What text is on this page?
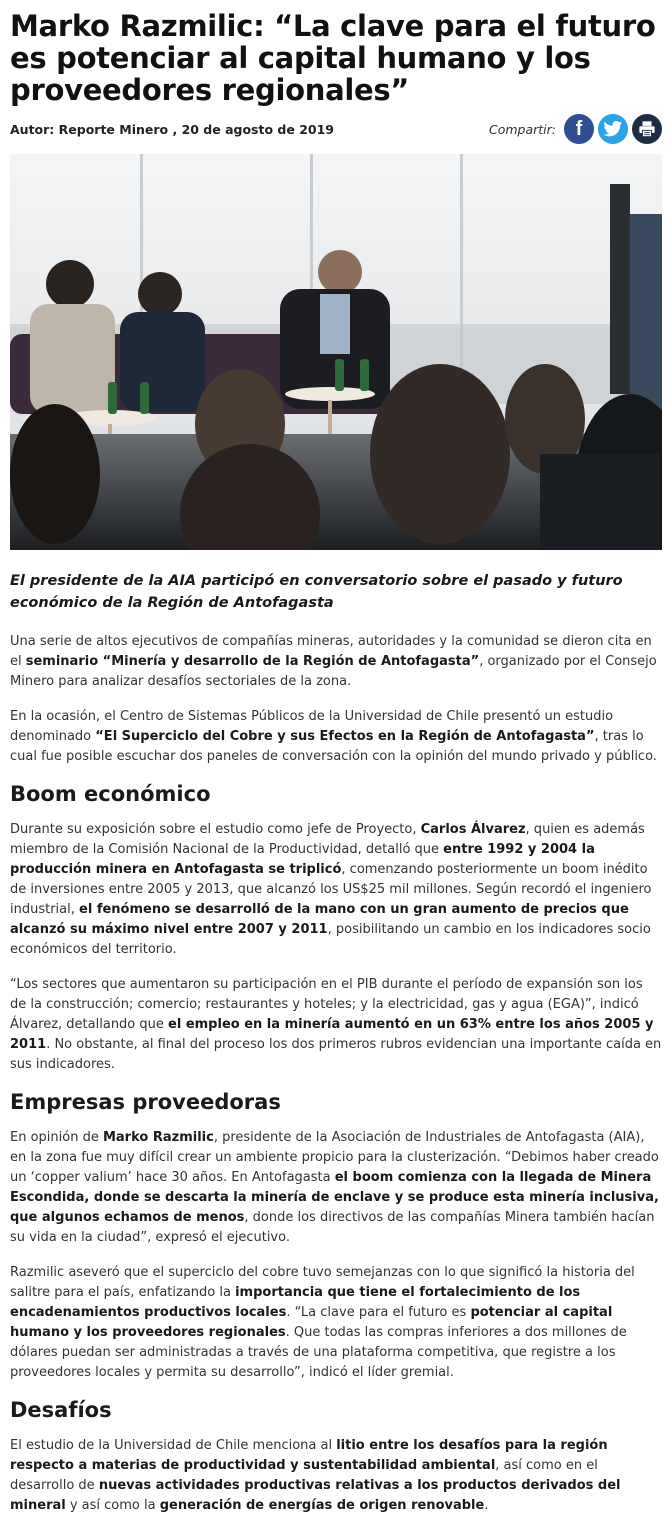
Marko Razmilic: “La clave para el futuro es potenciar al capital humano y los proveedores regionales”
Autor: Reporte Minero , 20 de agosto de 2019	Compartir: f
El presidente de la AIA participó en conversatorio sobre el pasado y futuro económico de la Región de Antofagasta

Una serie de altos ejecutivos de compañías mineras, autoridades y la comunidad se dieron cita en el seminario “Minería y desarrollo de la Región de Antofagasta”, organizado por el Consejo Minero para analizar desafíos sectoriales de la zona.

En la ocasión, el Centro de Sistemas Públicos de la Universidad de Chile presentó un estudio denominado “El Superciclo del Cobre y sus Efectos en la Región de Antofagasta”, tras lo cual fue posible escuchar dos paneles de conversación con la opinión del mundo privado y público.

Boom económico

Durante su exposición sobre el estudio como jefe de Proyecto, Carlos Álvarez, quien es además miembro de la Comisión Nacional de la Productividad, detalló que entre 1992 y 2004 la producción minera en Antofagasta se triplicó, comenzando posteriormente un boom inédito de inversiones entre 2005 y 2013, que alcanzó los US$25 mil millones. Según recordó el ingeniero industrial, el fenómeno se desarrolló de la mano con un gran aumento de precios que alcanzó su máximo nivel entre 2007 y 2011, posibilitando un cambio en los indicadores socio económicos del territorio.

“Los sectores que aumentaron su participación en el PIB durante el período de expansión son los de la construcción; comercio; restaurantes y hoteles; y la electricidad, gas y agua (EGA)”, indicó Álvarez, detallando que el empleo en la minería aumentó en un 63% entre los años 2005 y 2011. No obstante, al final del proceso los dos primeros rubros evidencian una importante caída en sus indicadores.

Empresas proveedoras

En opinión de Marko Razmilic, presidente de la Asociación de Industriales de Antofagasta (AIA), en la zona fue muy difícil crear un ambiente propicio para la clusterización. “Debimos haber creado un ‘copper valium’ hace 30 años. En Antofagasta el boom comienza con la llegada de Minera Escondida, donde se descarta la minería de enclave y se produce esta minería inclusiva, que algunos echamos de menos, donde los directivos de las compañías Minera también hacían su vida en la ciudad”, expresó el ejecutivo.

Razmilic aseveró que el superciclo del cobre tuvo semejanzas con lo que significó la historia del salitre para el país, enfatizando la importancia que tiene el fortalecimiento de los encadenamientos productivos locales. “La clave para el futuro es potenciar al capital humano y los proveedores regionales. Que todas las compras inferiores a dos millones de dólares puedan ser administradas a través de una plataforma competitiva, que registre a los proveedores locales y permita su desarrollo”, indicó el líder gremial.

Desafíos

El estudio de la Universidad de Chile menciona al litio entre los desafíos para la región respecto a materias de productividad y sustentabilidad ambiental, así como en el desarrollo de nuevas actividades productivas relativas a los productos derivados del mineral y así como la generación de energías de origen renovable.
